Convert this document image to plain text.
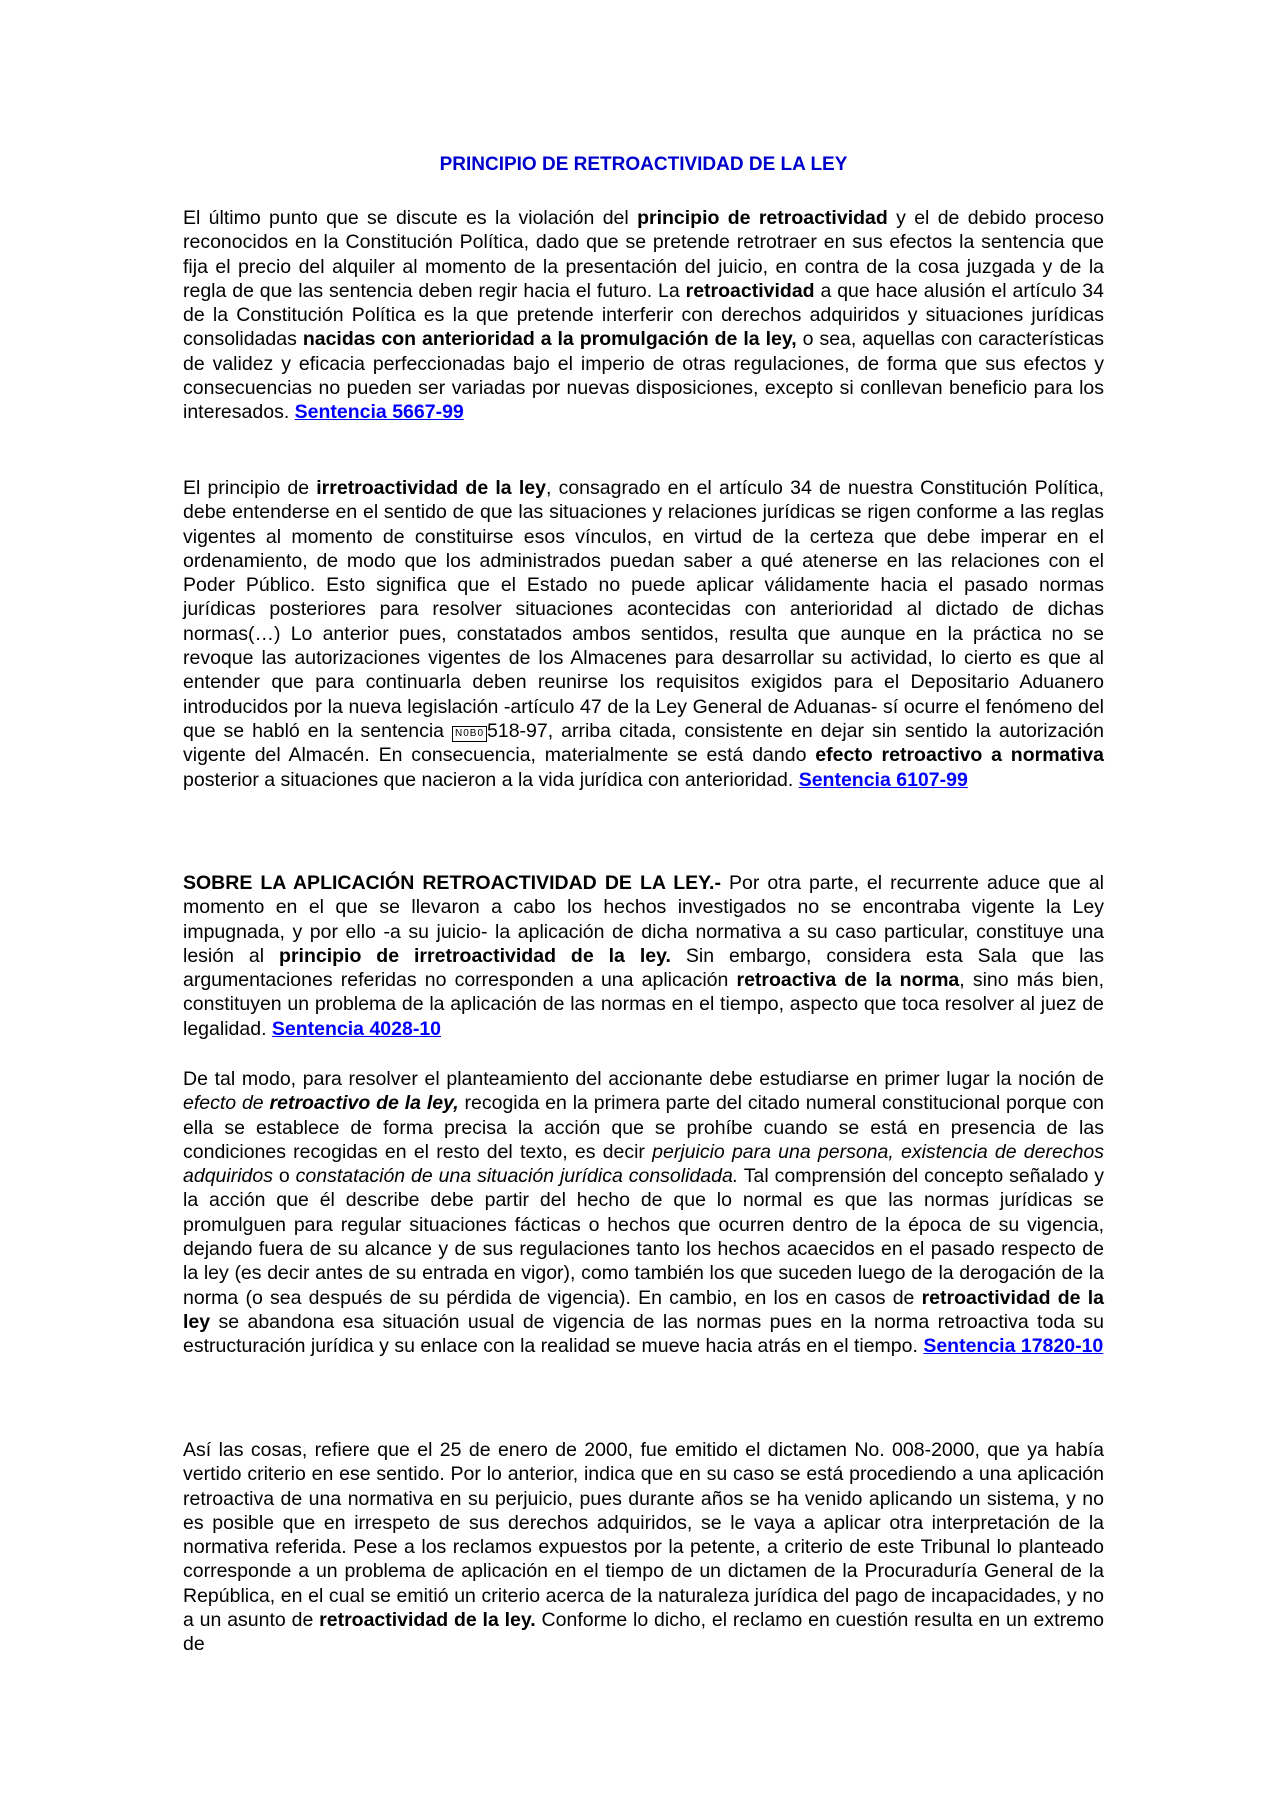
PRINCIPIO DE RETROACTIVIDAD DE LA LEY

El último punto que se discute es la violación del principio de retroactividad y el de debido proceso reconocidos en la Constitución Política, dado que se pretende retrotraer en sus efectos la sentencia que fija el precio del alquiler al momento de la presentación del juicio, en contra de la cosa juzgada y de la regla de que las sentencia deben regir hacia el futuro. La retroactividad a que hace alusión el artículo 34 de la Constitución Política es la que pretende interferir con derechos adquiridos y situaciones jurídicas consolidadas nacidas con anterioridad a la promulgación de la ley, o sea, aquellas con características de validez y eficacia perfeccionadas bajo el imperio de otras regulaciones, de forma que sus efectos y consecuencias no pueden ser variadas por nuevas disposiciones, excepto si conllevan beneficio para los interesados. Sentencia 5667-99

El principio de irretroactividad de la ley, consagrado en el artículo 34 de nuestra Constitución Política, debe entenderse en el sentido de que las situaciones y relaciones jurídicas se rigen conforme a las reglas vigentes al momento de constituirse esos vínculos, en virtud de la certeza que debe imperar en el ordenamiento, de modo que los administrados puedan saber a qué atenerse en las relaciones con el Poder Público. Esto significa que el Estado no puede aplicar válidamente hacia el pasado normas jurídicas posteriores para resolver situaciones acontecidas con anterioridad al dictado de dichas normas(…) Lo anterior pues, constatados ambos sentidos, resulta que aunque en la práctica no se revoque las autorizaciones vigentes de los Almacenes para desarrollar su actividad, lo cierto es que al entender que para continuarla deben reunirse los requisitos exigidos para el Depositario Aduanero introducidos por la nueva legislación -artículo 47 de la Ley General de Aduanas- sí ocurre el fenómeno del que se habló en la sentencia N0B0 518-97, arriba citada, consistente en dejar sin sentido la autorización vigente del Almacén. En consecuencia, materialmente se está dando efecto retroactivo a normativa posterior a situaciones que nacieron a la vida jurídica con anterioridad. Sentencia 6107-99

SOBRE LA APLICACIÓN RETROACTIVIDAD DE LA LEY.- Por otra parte, el recurrente aduce que al momento en el que se llevaron a cabo los hechos investigados no se encontraba vigente la Ley impugnada, y por ello -a su juicio- la aplicación de dicha normativa a su caso particular, constituye una lesión al principio de irretroactividad de la ley. Sin embargo, considera esta Sala que las argumentaciones referidas no corresponden a una aplicación retroactiva de la norma, sino más bien, constituyen un problema de la aplicación de las normas en el tiempo, aspecto que toca resolver al juez de legalidad. Sentencia 4028-10

De tal modo, para resolver el planteamiento del accionante debe estudiarse en primer lugar la noción de efecto de retroactivo de la ley, recogida en la primera parte del citado numeral constitucional porque con ella se establece de forma precisa la acción que se prohíbe cuando se está en presencia de las condiciones recogidas en el resto del texto, es decir perjuicio para una persona, existencia de derechos adquiridos o constatación de una situación jurídica consolidada. Tal comprensión del concepto señalado y la acción que él describe debe partir del hecho de que lo normal es que las normas jurídicas se promulguen para regular situaciones fácticas o hechos que ocurren dentro de la época de su vigencia, dejando fuera de su alcance y de sus regulaciones tanto los hechos acaecidos en el pasado respecto de la ley (es decir antes de su entrada en vigor), como también los que suceden luego de la derogación de la norma (o sea después de su pérdida de vigencia). En cambio, en los en casos de retroactividad de la ley se abandona esa situación usual de vigencia de las normas pues en la norma retroactiva toda su estructuración jurídica y su enlace con la realidad se mueve hacia atrás en el tiempo. Sentencia 17820-10

Así las cosas, refiere que el 25 de enero de 2000, fue emitido el dictamen No. 008-2000, que ya había vertido criterio en ese sentido. Por lo anterior, indica que en su caso se está procediendo a una aplicación retroactiva de una normativa en su perjuicio, pues durante años se ha venido aplicando un sistema, y no es posible que en irrespeto de sus derechos adquiridos, se le vaya a aplicar otra interpretación de la normativa referida. Pese a los reclamos expuestos por la petente, a criterio de este Tribunal lo planteado corresponde a un problema de aplicación en el tiempo de un dictamen de la Procuraduría General de la República, en el cual se emitió un criterio acerca de la naturaleza jurídica del pago de incapacidades, y no a un asunto de retroactividad de la ley. Conforme lo dicho, el reclamo en cuestión resulta en un extremo de
